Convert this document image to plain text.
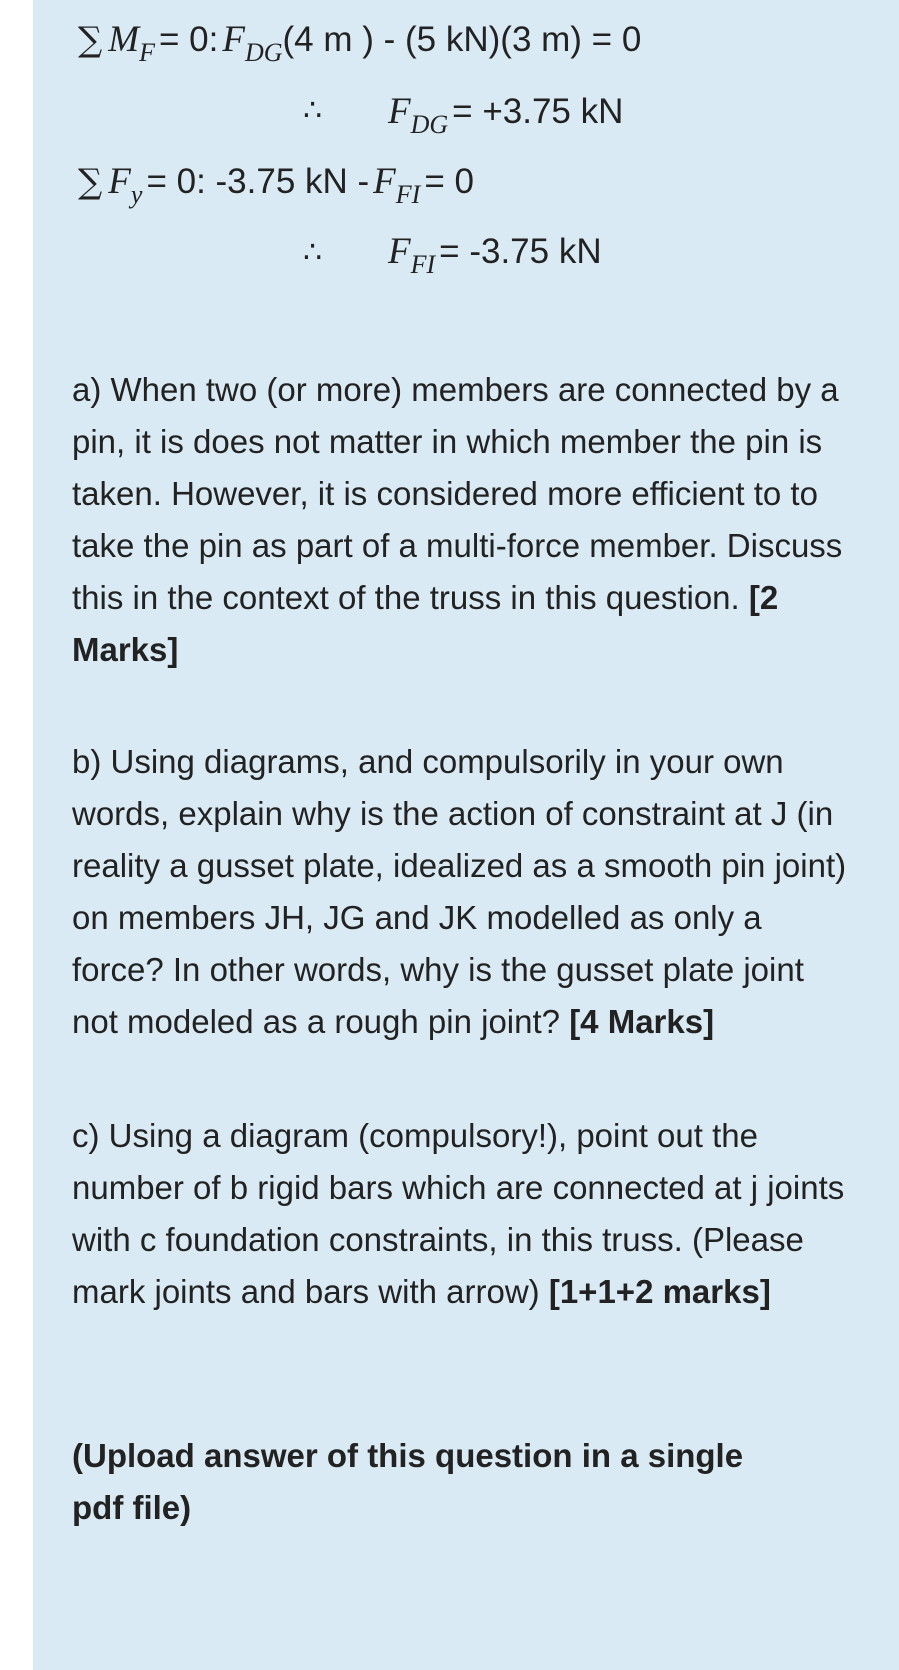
∑ MF = 0: FDG(4 m ) - (5 kN)(3 m) = 0
∴ FDG = +3.75 kN
∑ Fy = 0: -3.75 kN - FFI = 0
∴ FFI = -3.75 kN

a) When two (or more) members are connected by a pin, it is does not matter in which member the pin is taken. However, it is considered more efficient to to take the pin as part of a multi-force member. Discuss this in the context of the truss in this question. [2 Marks]

b) Using diagrams, and compulsorily in your own words, explain why is the action of constraint at J (in reality a gusset plate, idealized as a smooth pin joint) on members JH, JG and JK modelled as only a force? In other words, why is the gusset plate joint not modeled as a rough pin joint? [4 Marks]

c) Using a diagram (compulsory!), point out the number of b rigid bars which are connected at j joints with c foundation constraints, in this truss. (Please mark joints and bars with arrow) [1+1+2 marks]

(Upload answer of this question in a single pdf file)
